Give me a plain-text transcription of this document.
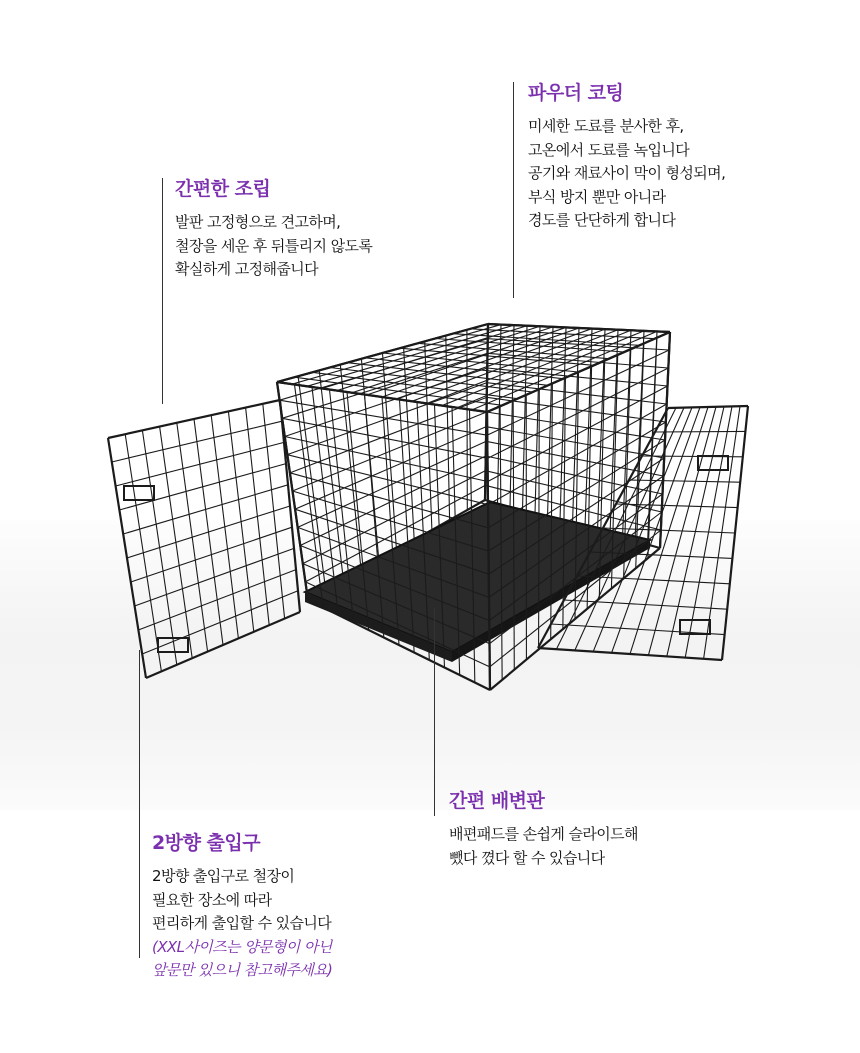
파우더 코팅
미세한 도료를 분사한 후,
고온에서 도료를 녹입니다
공기와 재료사이 막이 형성되며,
부식 방지 뿐만 아니라
경도를 단단하게 합니다
간편한 조립
발판 고정형으로 견고하며,
철장을 세운 후 뒤틀리지 않도록
확실하게 고정해줍니다
간편 배변판
배편패드를 손쉽게 슬라이드해
뺐다 꼈다 할 수 있습니다
2방향 출입구
2방향 출입구로 철장이
필요한 장소에 따라
편리하게 출입할 수 있습니다
(XXL사이즈는 양문형이 아닌
앞문만 있으니 참고해주세요)
